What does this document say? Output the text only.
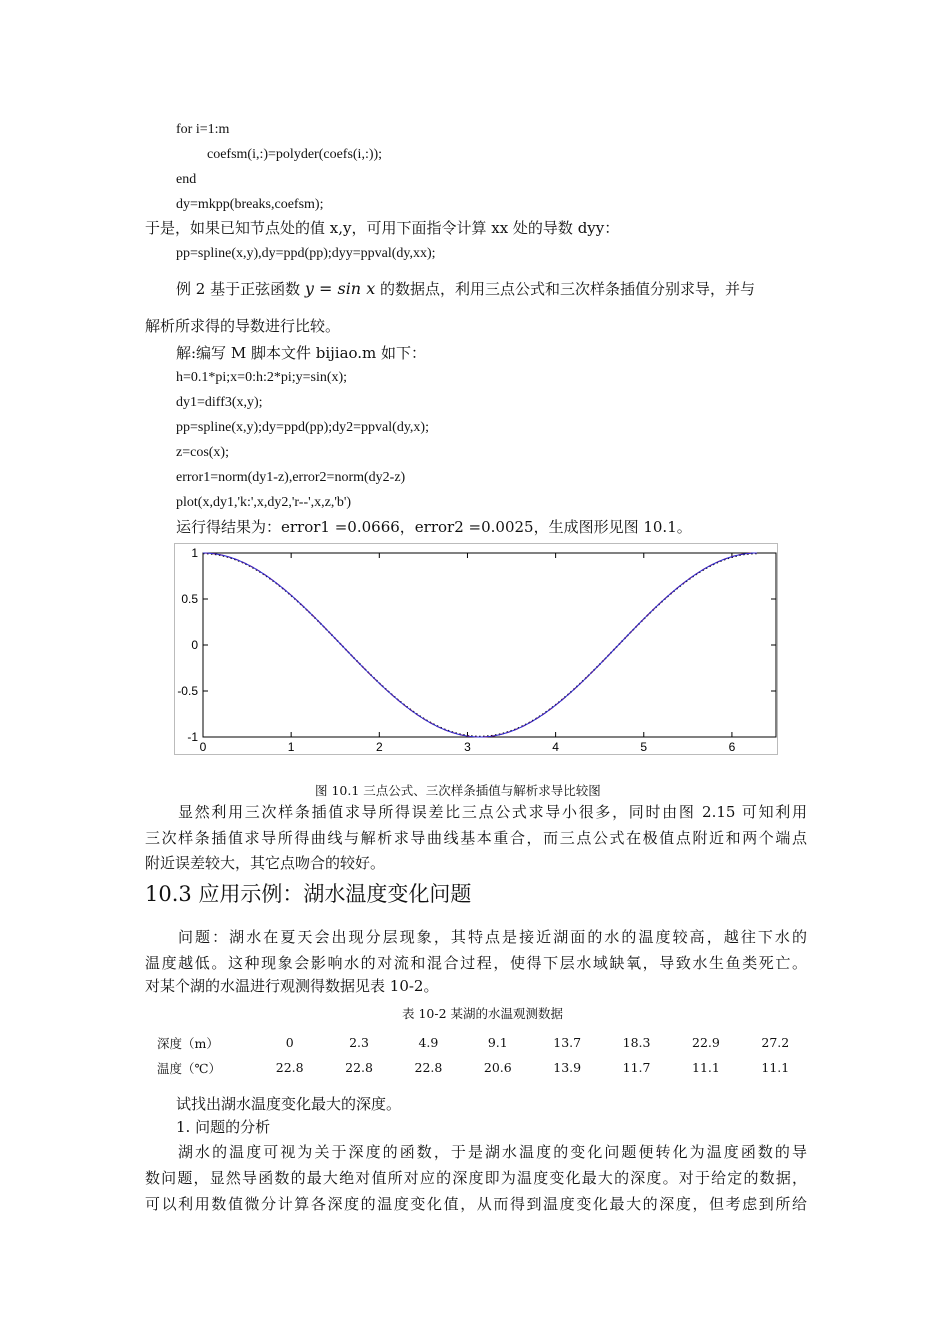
for i=1:m
coefsm(i,:)=polyder(coefs(i,:));
end
dy=mkpp(breaks,coefsm);
于是，如果已知节点处的值 x,y，可用下面指令计算 xx 处的导数 dyy：
pp=spline(x,y),dy=ppd(pp);dyy=ppval(dy,xx);
例 2 基于正弦函数 y = sin x 的数据点，利用三点公式和三次样条插值分别求导，并与
解析所求得的导数进行比较。
解:编写 M 脚本文件 bijiao.m 如下：
h=0.1*pi;x=0:h:2*pi;y=sin(x);
dy1=diff3(x,y);
pp=spline(x,y);dy=ppd(pp);dy2=ppval(dy,x);
z=cos(x);
error1=norm(dy1-z),error2=norm(dy2-z)
plot(x,dy1,'k:',x,dy2,'r--',x,z,'b')
运行得结果为：error1 =0.0666，error2 =0.0025，生成图形见图 10.1。
0	1	2	3	4	5	6
1
0.5
0
-0.5
-1
图 10.1 三点公式、三次样条插值与解析求导比较图
显然利用三次样条插值求导所得误差比三点公式求导小很多，同时由图 2.15 可知利用
三次样条插值求导所得曲线与解析求导曲线基本重合，而三点公式在极值点附近和两个端点
附近误差较大，其它点吻合的较好。
10.3 应用示例：湖水温度变化问题
问题：湖水在夏天会出现分层现象，其特点是接近湖面的水的温度较高，越往下水的
温度越低。这种现象会影响水的对流和混合过程，使得下层水域缺氧，导致水生鱼类死亡。
对某个湖的水温进行观测得数据见表 10-2。
表 10-2 某湖的水温观测数据
深度（m）	0	2.3	4.9	9.1	13.7	18.3	22.9	27.2
温度（℃）	22.8	22.8	22.8	20.6	13.9	11.7	11.1	11.1
试找出湖水温度变化最大的深度。
1. 问题的分析
湖水的温度可视为关于深度的函数，于是湖水温度的变化问题便转化为温度函数的导
数问题，显然导函数的最大绝对值所对应的深度即为温度变化最大的深度。对于给定的数据，
可以利用数值微分计算各深度的温度变化值，从而得到温度变化最大的深度，但考虑到所给
